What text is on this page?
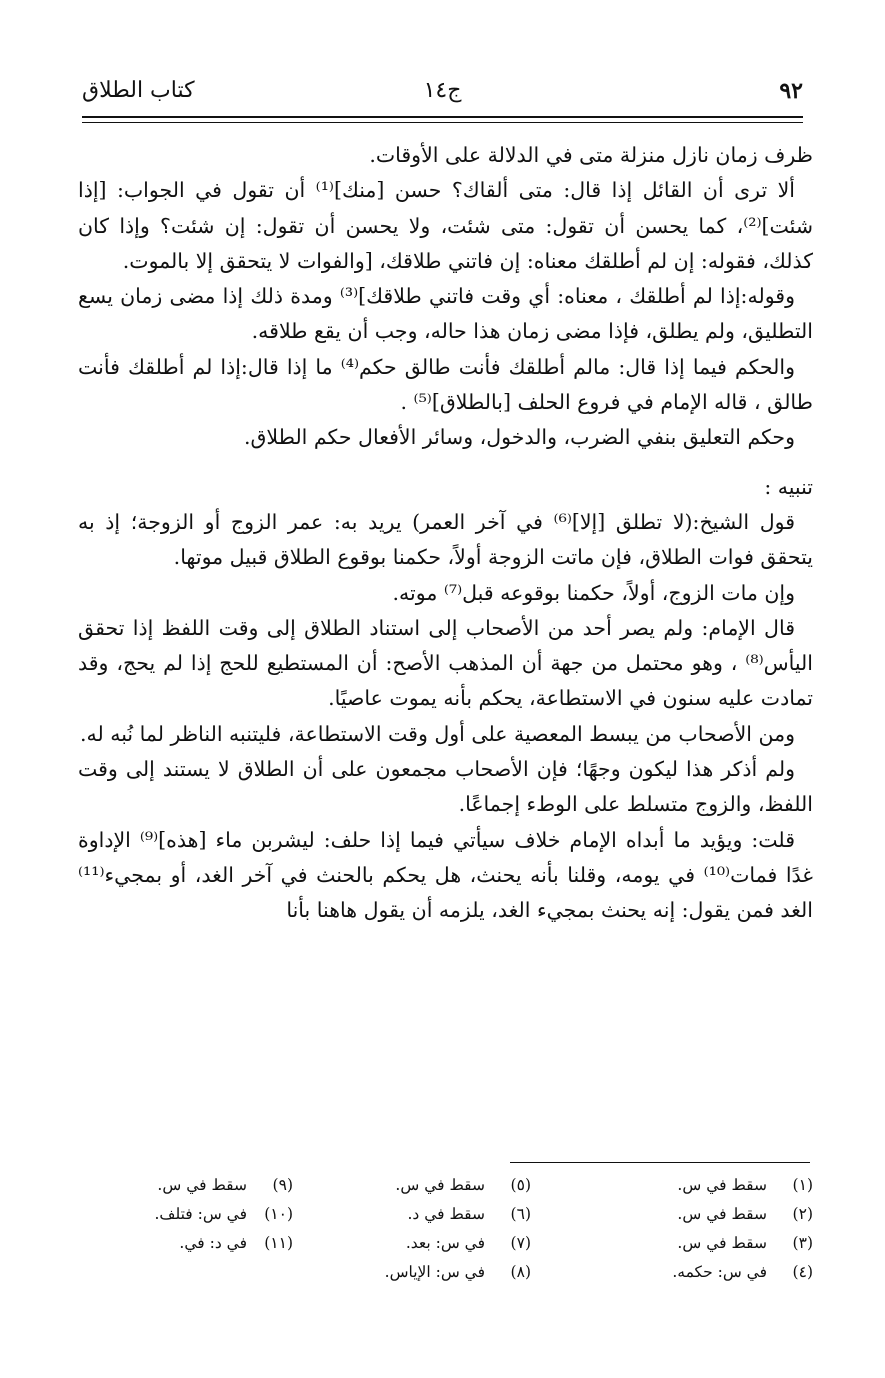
٩٢
ج١٤
كتاب الطلاق

ظرف زمان نازل منزلة متى في الدلالة على الأوقات.

ألا ترى أن القائل إذا قال: متى ألقاك؟ حسن [منك]⁽¹⁾ أن تقول في الجواب: [إذا شئت]⁽²⁾، كما يحسن أن تقول: متى شئت، ولا يحسن أن تقول: إن شئت؟ وإذا كان كذلك، فقوله: إن لم أطلقك معناه: إن فاتني طلاقك، [والفوات لا يتحقق إلا بالموت.

وقوله:إذا لم أطلقك ، معناه: أي وقت فاتني طلاقك]⁽³⁾ ومدة ذلك إذا مضى زمان يسع التطليق، ولم يطلق، فإذا مضى زمان هذا حاله، وجب أن يقع طلاقه.

والحكم فيما إذا قال: مالم أطلقك فأنت طالق حكم⁽⁴⁾ ما إذا قال:إذا لم أطلقك فأنت طالق ، قاله الإمام في فروع الحلف [بالطلاق]⁽⁵⁾ .

وحكم التعليق بنفي الضرب، والدخول، وسائر الأفعال حكم الطلاق.

تنبيه :

قول الشيخ:(لا تطلق [إلا]⁽⁶⁾ في آخر العمر) يريد به: عمر الزوج أو الزوجة؛ إذ به يتحقق فوات الطلاق، فإن ماتت الزوجة أولاً، حكمنا بوقوع الطلاق قبيل موتها.

وإن مات الزوج، أولاً، حكمنا بوقوعه قبل⁽⁷⁾ موته.

قال الإمام: ولم يصر أحد من الأصحاب إلى استناد الطلاق إلى وقت اللفظ إذا تحقق اليأس⁽⁸⁾ ، وهو محتمل من جهة أن المذهب الأصح: أن المستطيع للحج إذا لم يحج، وقد تمادت عليه سنون في الاستطاعة، يحكم بأنه يموت عاصيًا.

ومن الأصحاب من يبسط المعصية على أول وقت الاستطاعة، فليتنبه الناظر لما نُبه له.

ولم أذكر هذا ليكون وجهًا؛ فإن الأصحاب مجمعون على أن الطلاق لا يستند إلى وقت اللفظ، والزوج متسلط على الوطء إجماعًا.

قلت: ويؤيد ما أبداه الإمام خلاف سيأتي فيما إذا حلف: ليشربن ماء [هذه]⁽⁹⁾ الإداوة غدًا فمات⁽¹⁰⁾ في يومه، وقلنا بأنه يحنث، هل يحكم بالحنث في آخر الغد، أو بمجيء⁽¹¹⁾ الغد فمن يقول: إنه يحنث بمجيء الغد، يلزمه أن يقول هاهنا بأنا

(١)سقط في س.
(٢)سقط في س.
(٣)سقط في س.
(٤)في س: حكمه.
(٥)سقط في س.
(٦)سقط في د.
(٧)في س: بعد.
(٨)في س: الإياس.
(٩)سقط في س.
(١٠)في س: فتلف.
(١١)في د: في.
